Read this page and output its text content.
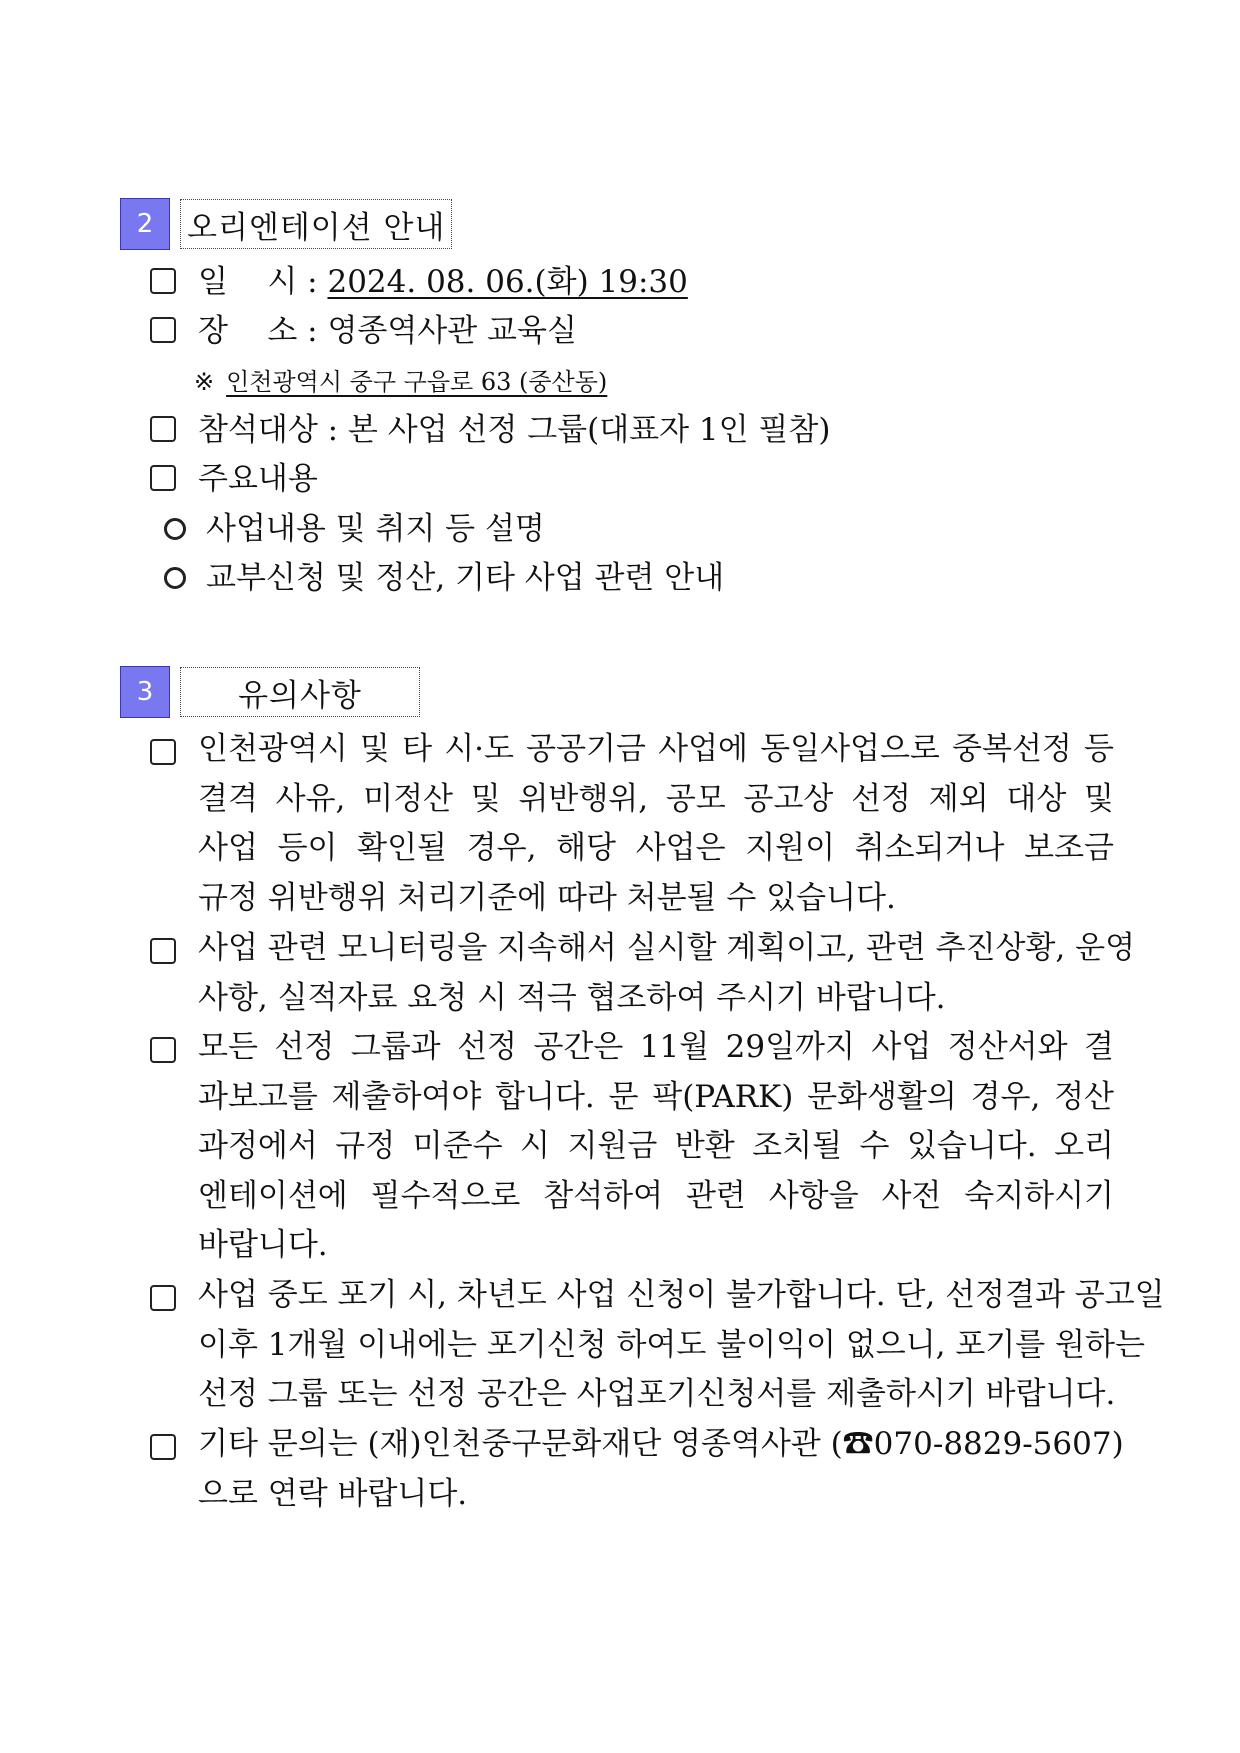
2	오리엔테이션 안내
일    시 : 2024. 08. 06.(화) 19:30
장    소 : 영종역사관 교육실
※ 인천광역시 중구 구읍로 63 (중산동)
참석대상 : 본 사업 선정 그룹(대표자 1인 필참)
주요내용
사업내용 및 취지 등 설명
교부신청 및 정산, 기타 사업 관련 안내
3	유의사항
인천광역시 및 타 시·도 공공기금 사업에 동일사업으로 중복선정 등
결격 사유, 미정산 및 위반행위, 공모 공고상 선정 제외 대상 및
사업 등이 확인될 경우, 해당 사업은 지원이 취소되거나 보조금
규정 위반행위 처리기준에 따라 처분될 수 있습니다.
사업 관련 모니터링을 지속해서 실시할 계획이고, 관련 추진상황, 운영
사항, 실적자료 요청 시 적극 협조하여 주시기 바랍니다.
모든 선정 그룹과 선정 공간은 11월 29일까지 사업 정산서와 결
과보고를 제출하여야 합니다. 문 팍(PARK) 문화생활의 경우, 정산
과정에서 규정 미준수 시 지원금 반환 조치될 수 있습니다. 오리
엔테이션에 필수적으로 참석하여 관련 사항을 사전 숙지하시기
바랍니다.
사업 중도 포기 시, 차년도 사업 신청이 불가합니다. 단, 선정결과 공고일
이후 1개월 이내에는 포기신청 하여도 불이익이 없으니, 포기를 원하는
선정 그룹 또는 선정 공간은 사업포기신청서를 제출하시기 바랍니다.
기타 문의는 (재)인천중구문화재단 영종역사관 (☎070-8829-5607)
으로 연락 바랍니다.
